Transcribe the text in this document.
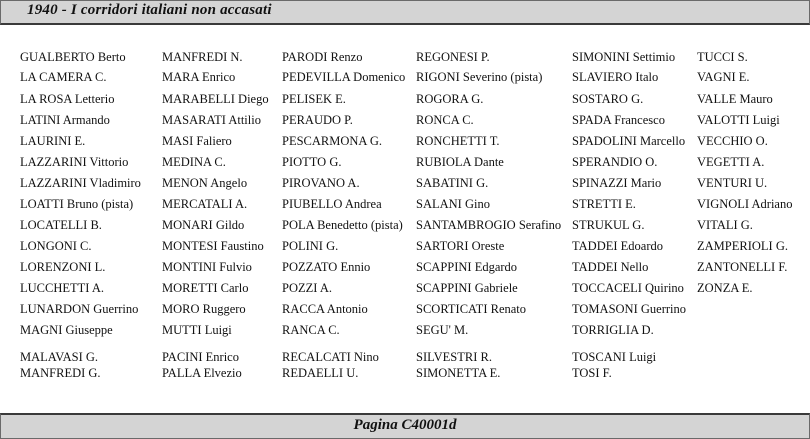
1940 - I corridori italiani non accasati
GUALBERTO Berto
LA CAMERA C.
LA ROSA Letterio
LATINI Armando
LAURINI E.
LAZZARINI Vittorio
LAZZARINI Vladimiro
LOATTI Bruno (pista)
LOCATELLI B.
LONGONI C.
LORENZONI L.
LUCCHETTI A.
LUNARDON Guerrino
MAGNI Giuseppe
MALAVASI G.
MANFREDI G.
MANFREDI N.
MARA Enrico
MARABELLI Diego
MASARATI Attilio
MASI Faliero
MEDINA C.
MENON Angelo
MERCATALI A.
MONARI Gildo
MONTESI Faustino
MONTINI Fulvio
MORETTI Carlo
MORO Ruggero
MUTTI Luigi
PACINI Enrico
PALLA Elvezio
PARODI Renzo
PEDEVILLA Domenico
PELISEK E.
PERAUDO P.
PESCARMONA G.
PIOTTO G.
PIROVANO A.
PIUBELLO Andrea
POLA Benedetto (pista)
POLINI G.
POZZATO Ennio
POZZI A.
RACCA Antonio
RANCA C.
RECALCATI Nino
REDAELLI U.
REGONESI P.
RIGONI Severino (pista)
ROGORA G.
RONCA C.
RONCHETTI T.
RUBIOLA Dante
SABATINI G.
SALANI Gino
SANTAMBROGIO Serafino
SARTORI Oreste
SCAPPINI Edgardo
SCAPPINI Gabriele
SCORTICATI Renato
SEGU' M.
SILVESTRI R.
SIMONETTA E.
SIMONINI Settimio
SLAVIERO Italo
SOSTARO G.
SPADA Francesco
SPADOLINI Marcello
SPERANDIO O.
SPINAZZI Mario
STRETTI E.
STRUKUL G.
TADDEI Edoardo
TADDEI Nello
TOCCACELI Quirino
TOMASONI Guerrino
TORRIGLIA D.
TOSCANI Luigi
TOSI F.
TUCCI S.
VAGNI E.
VALLE Mauro
VALOTTI Luigi
VECCHIO O.
VEGETTI A.
VENTURI U.
VIGNOLI Adriano
VITALI G.
ZAMPERIOLI G.
ZANTONELLI F.
ZONZA E.
Pagina C40001d
